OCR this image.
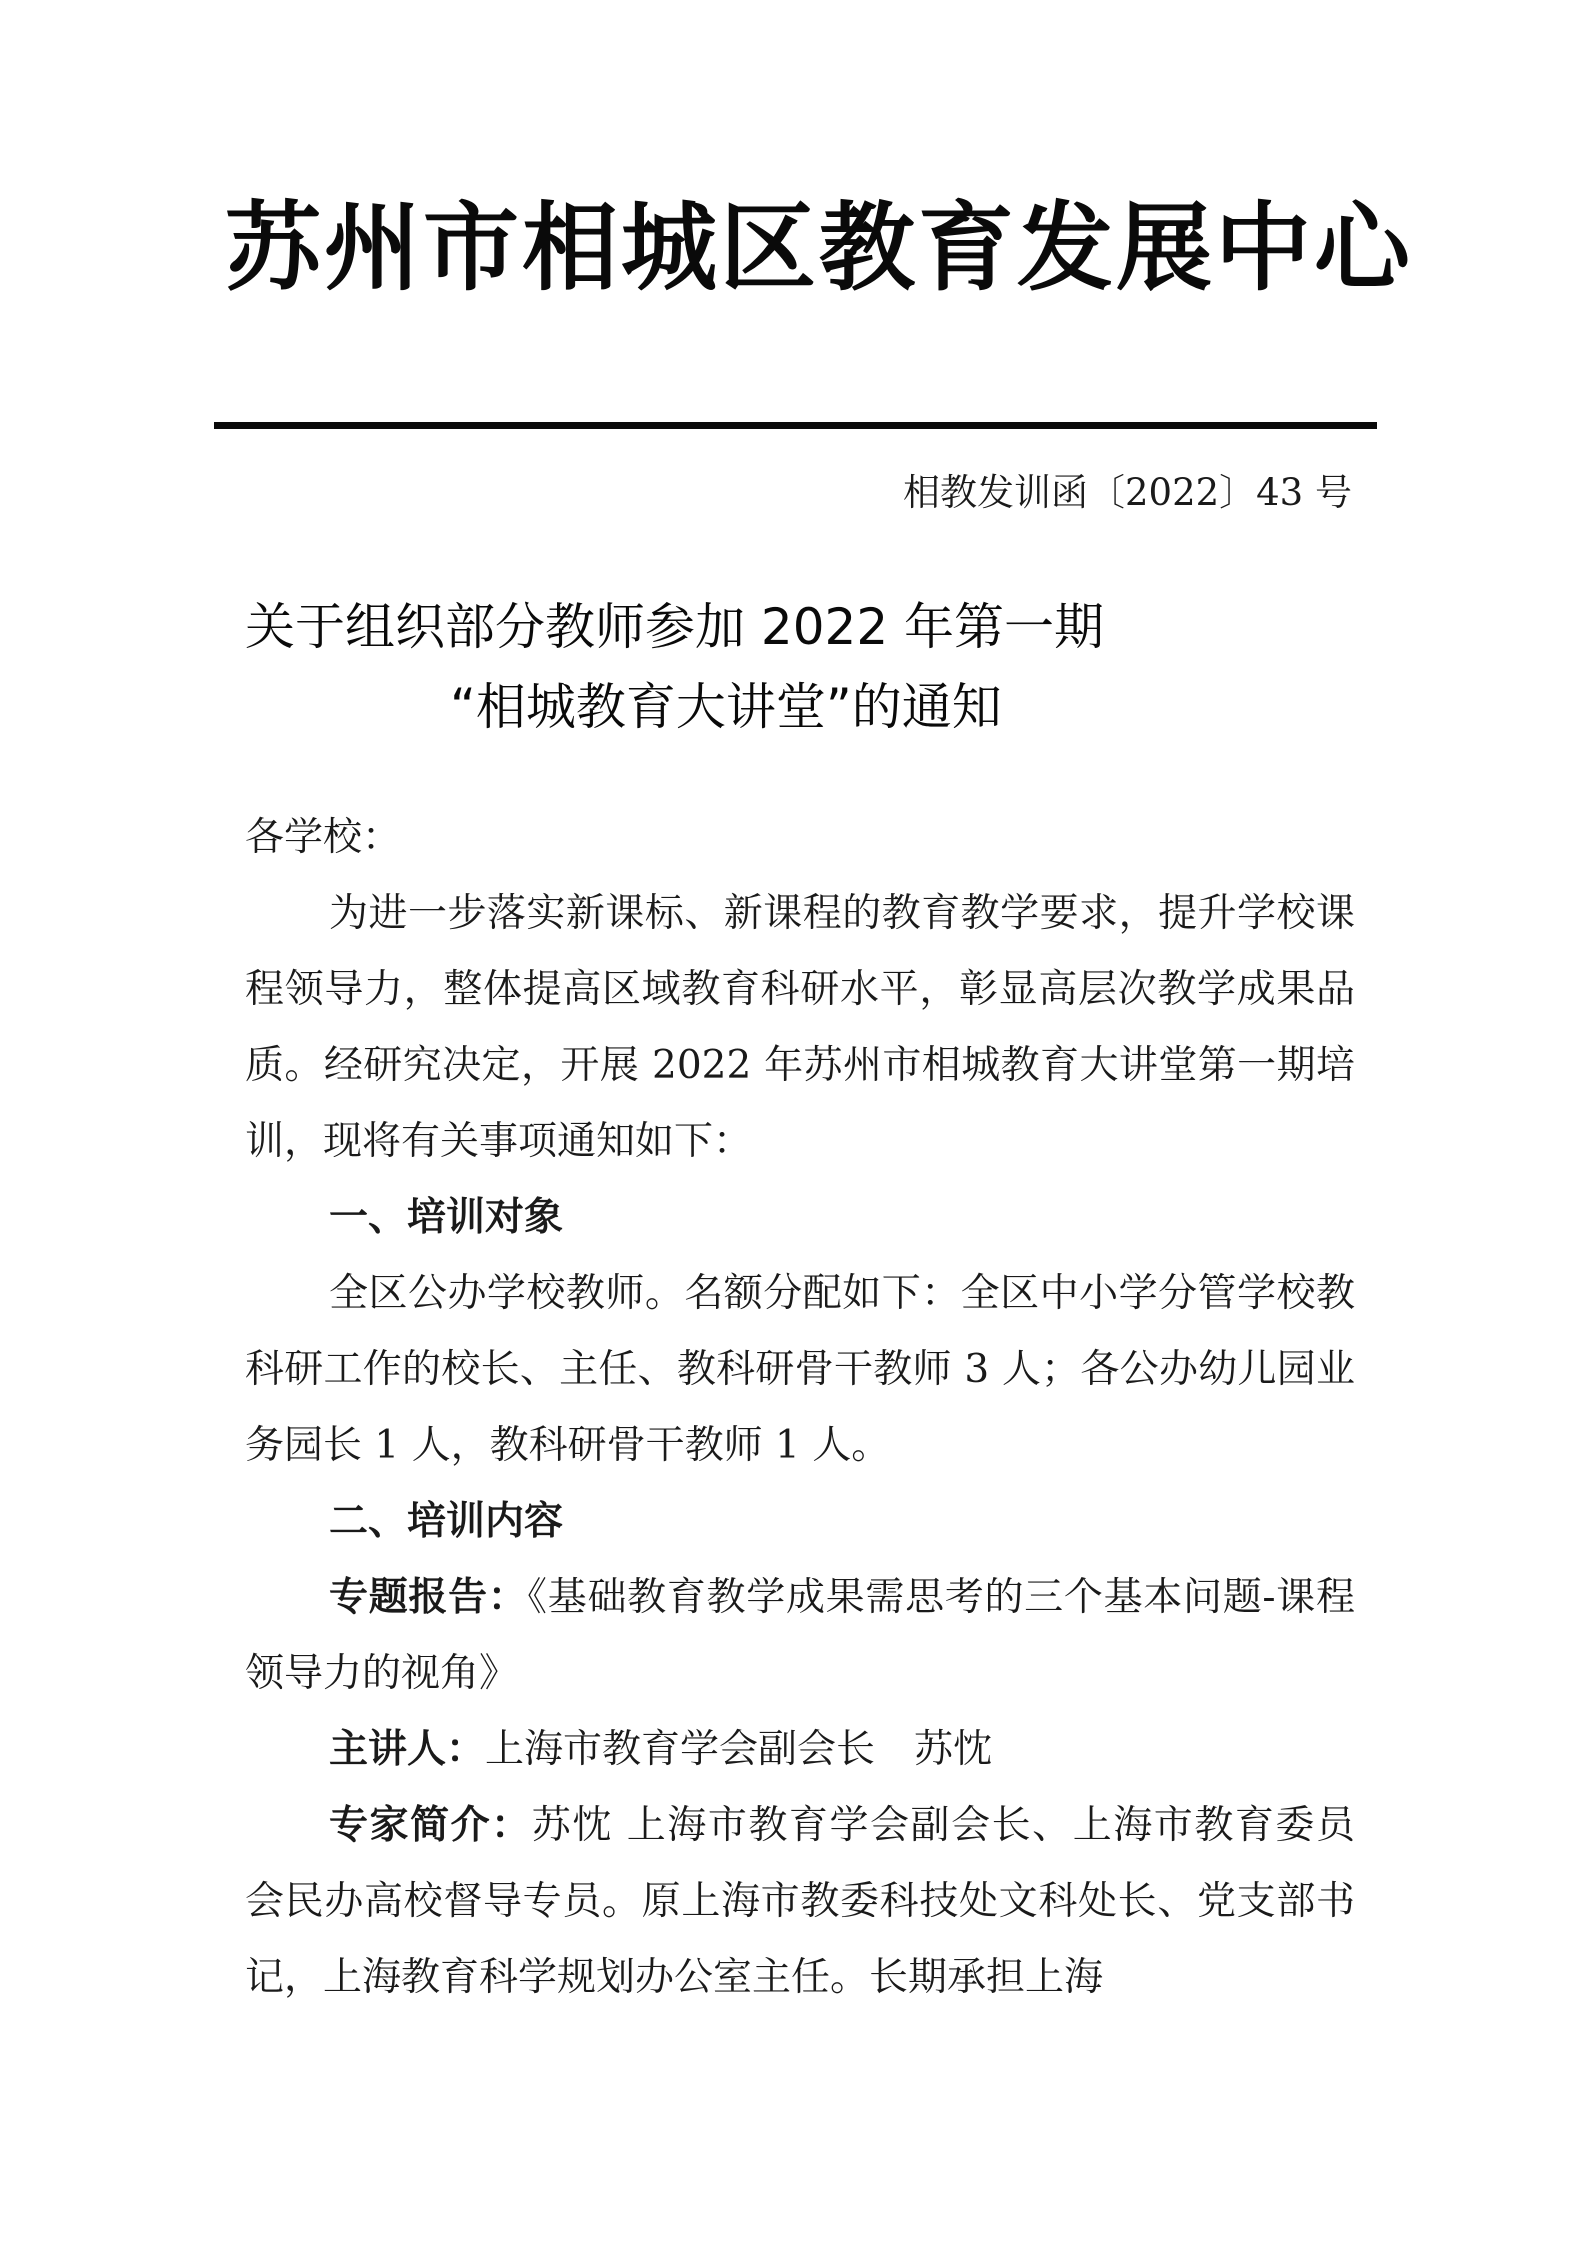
苏州市相城区教育发展中心
相教发训函〔2022〕43 号
关于组织部分教师参加 2022 年第一期
“相城教育大讲堂”的通知

各学校：

为进一步落实新课标、新课程的教育教学要求，提升学校课程领导力，整体提高区域教育科研水平，彰显高层次教学成果品质。经研究决定，开展 2022 年苏州市相城教育大讲堂第一期培训，现将有关事项通知如下：

一、培训对象

全区公办学校教师。名额分配如下：全区中小学分管学校教科研工作的校长、主任、教科研骨干教师 3 人；各公办幼儿园业务园长 1 人，教科研骨干教师 1 人。

二、培训内容

专题报告：《基础教育教学成果需思考的三个基本问题-课程领导力的视角》

主讲人：上海市教育学会副会长　苏忱

专家简介：苏忱 上海市教育学会副会长、上海市教育委员会民办高校督导专员。原上海市教委科技处文科处长、党支部书记，上海教育科学规划办公室主任。长期承担上海
